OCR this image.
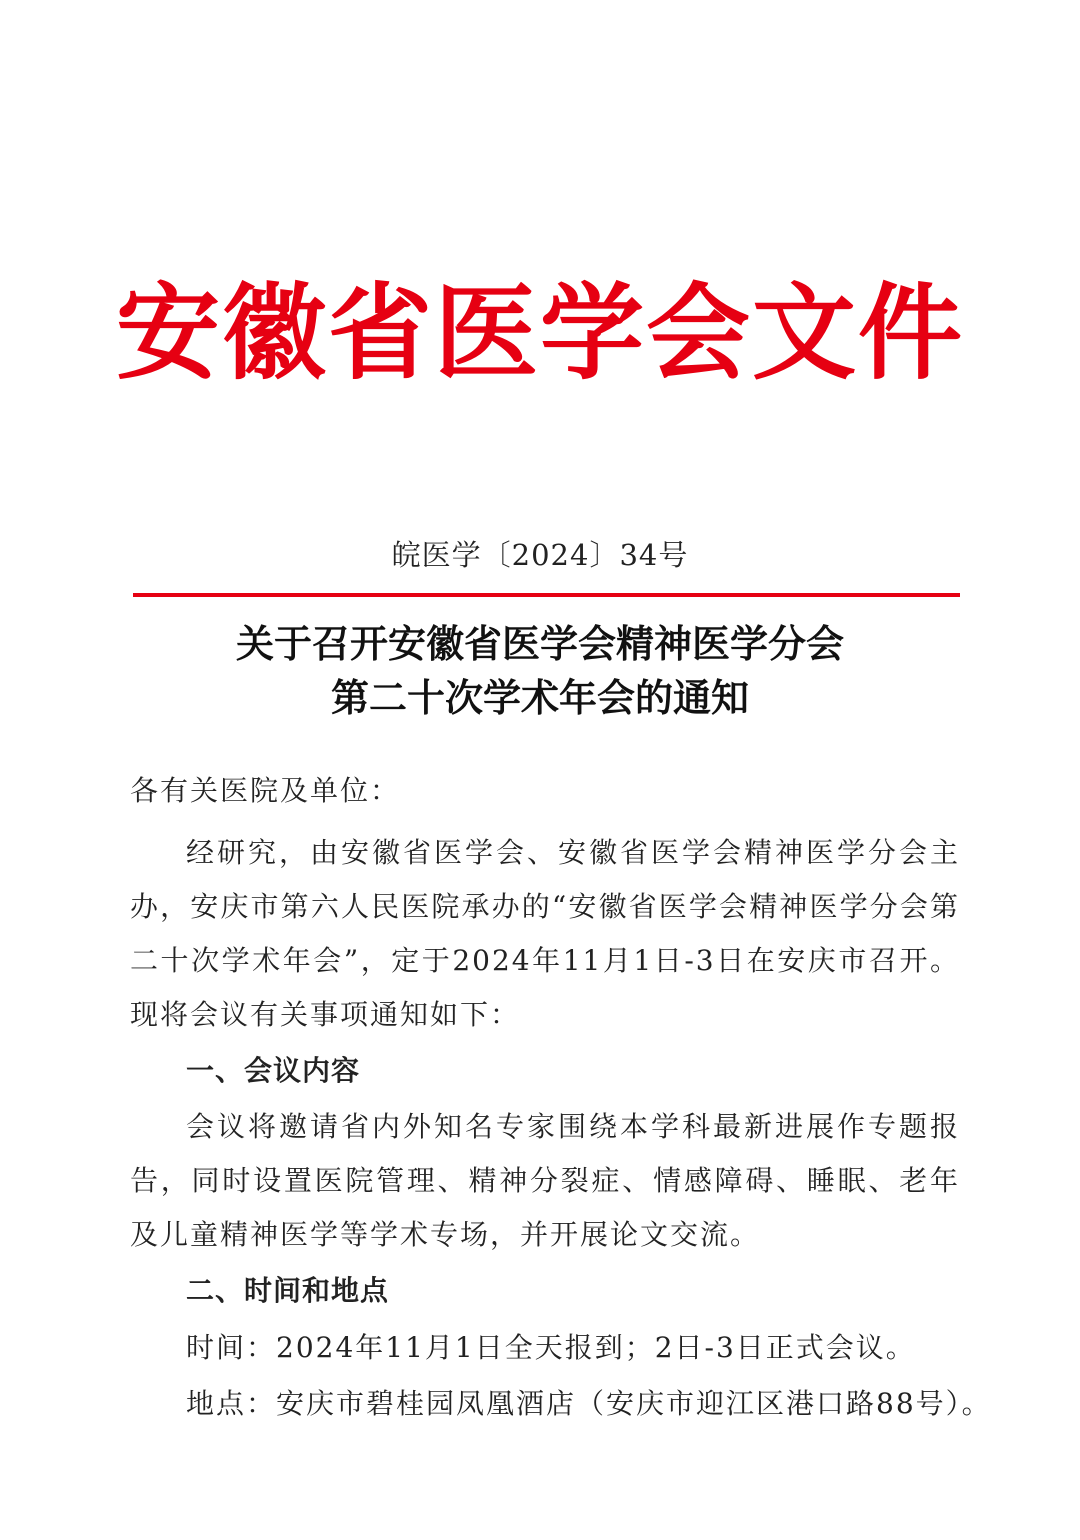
安徽省医学会文件
皖医学〔2024〕34号
关于召开安徽省医学会精神医学分会
第二十次学术年会的通知

各有关医院及单位：

经研究，由安徽省医学会、安徽省医学会精神医学分会主办，安庆市第六人民医院承办的“安徽省医学会精神医学分会第二十次学术年会”，定于2024年11月1日-3日在安庆市召开。现将会议有关事项通知如下：

一、会议内容

会议将邀请省内外知名专家围绕本学科最新进展作专题报告，同时设置医院管理、精神分裂症、情感障碍、睡眠、老年及儿童精神医学等学术专场，并开展论文交流。

二、时间和地点

时间：2024年11月1日全天报到；2日-3日正式会议。

地点：安庆市碧桂园凤凰酒店（安庆市迎江区港口路88号）。
